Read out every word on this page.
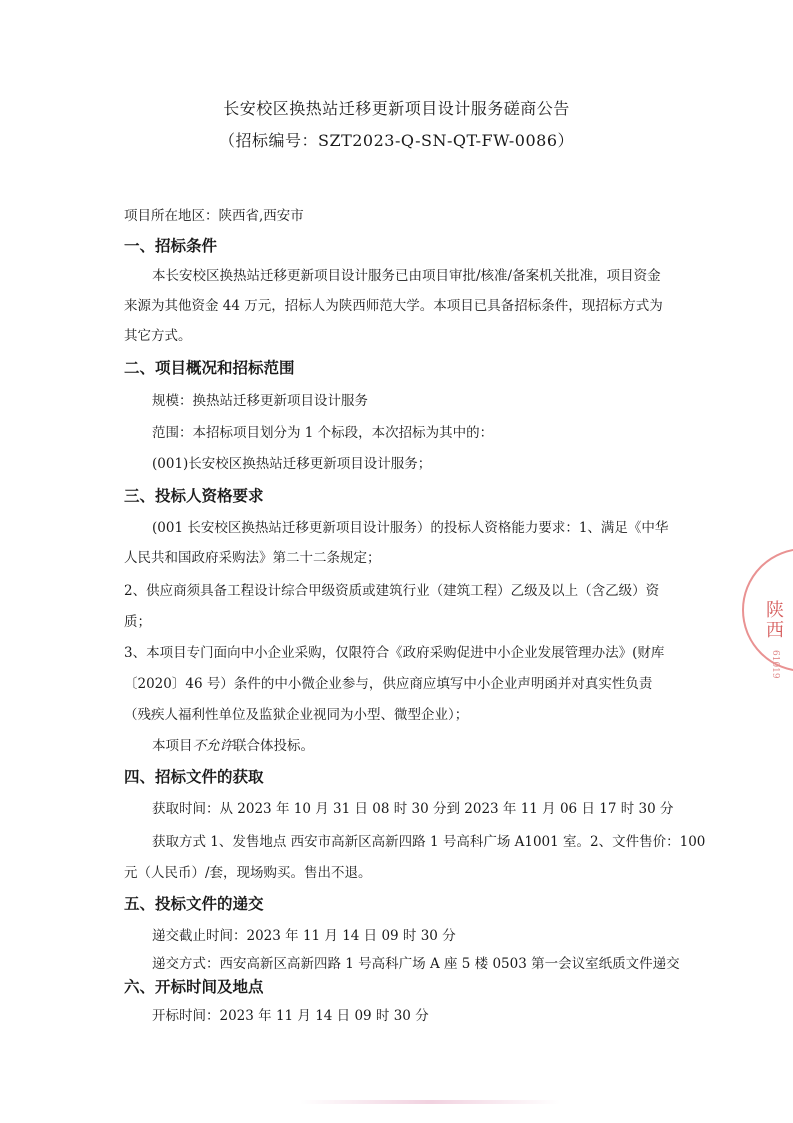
长安校区换热站迁移更新项目设计服务磋商公告
（招标编号：SZT2023-Q-SN-QT-FW-0086）
项目所在地区：陕西省,西安市
一、招标条件
本长安校区换热站迁移更新项目设计服务已由项目审批/核准/备案机关批准，项目资金
来源为其他资金 44 万元，招标人为陕西师范大学。本项目已具备招标条件，现招标方式为
其它方式。
二、项目概况和招标范围
规模：换热站迁移更新项目设计服务
范围：本招标项目划分为 1 个标段，本次招标为其中的：
(001)长安校区换热站迁移更新项目设计服务；
三、投标人资格要求
(001 长安校区换热站迁移更新项目设计服务）的投标人资格能力要求：1、满足《中华
人民共和国政府采购法》第二十二条规定；
2、供应商须具备工程设计综合甲级资质或建筑行业（建筑工程）乙级及以上（含乙级）资
质；
3、本项目专门面向中小企业采购，仅限符合《政府采购促进中小企业发展管理办法》(财库
〔2020〕46 号）条件的中小微企业参与，供应商应填写中小企业声明函并对真实性负责
（残疾人福利性单位及监狱企业视同为小型、微型企业）；
本项目不允许联合体投标。
四、招标文件的获取
获取时间：从 2023 年 10 月 31 日 08 时 30 分到 2023 年 11 月 06 日 17 时 30 分
获取方式 1、发售地点 西安市高新区高新四路 1 号高科广场 A1001 室。2、文件售价：100
元（人民币）/套，现场购买。售出不退。
五、投标文件的递交
递交截止时间：2023 年 11 月 14 日 09 时 30 分
递交方式：西安高新区高新四路 1 号高科广场 A 座 5 楼 0503 第一会议室纸质文件递交
六、开标时间及地点
开标时间：2023 年 11 月 14 日 09 时 30 分
陕西
61019
